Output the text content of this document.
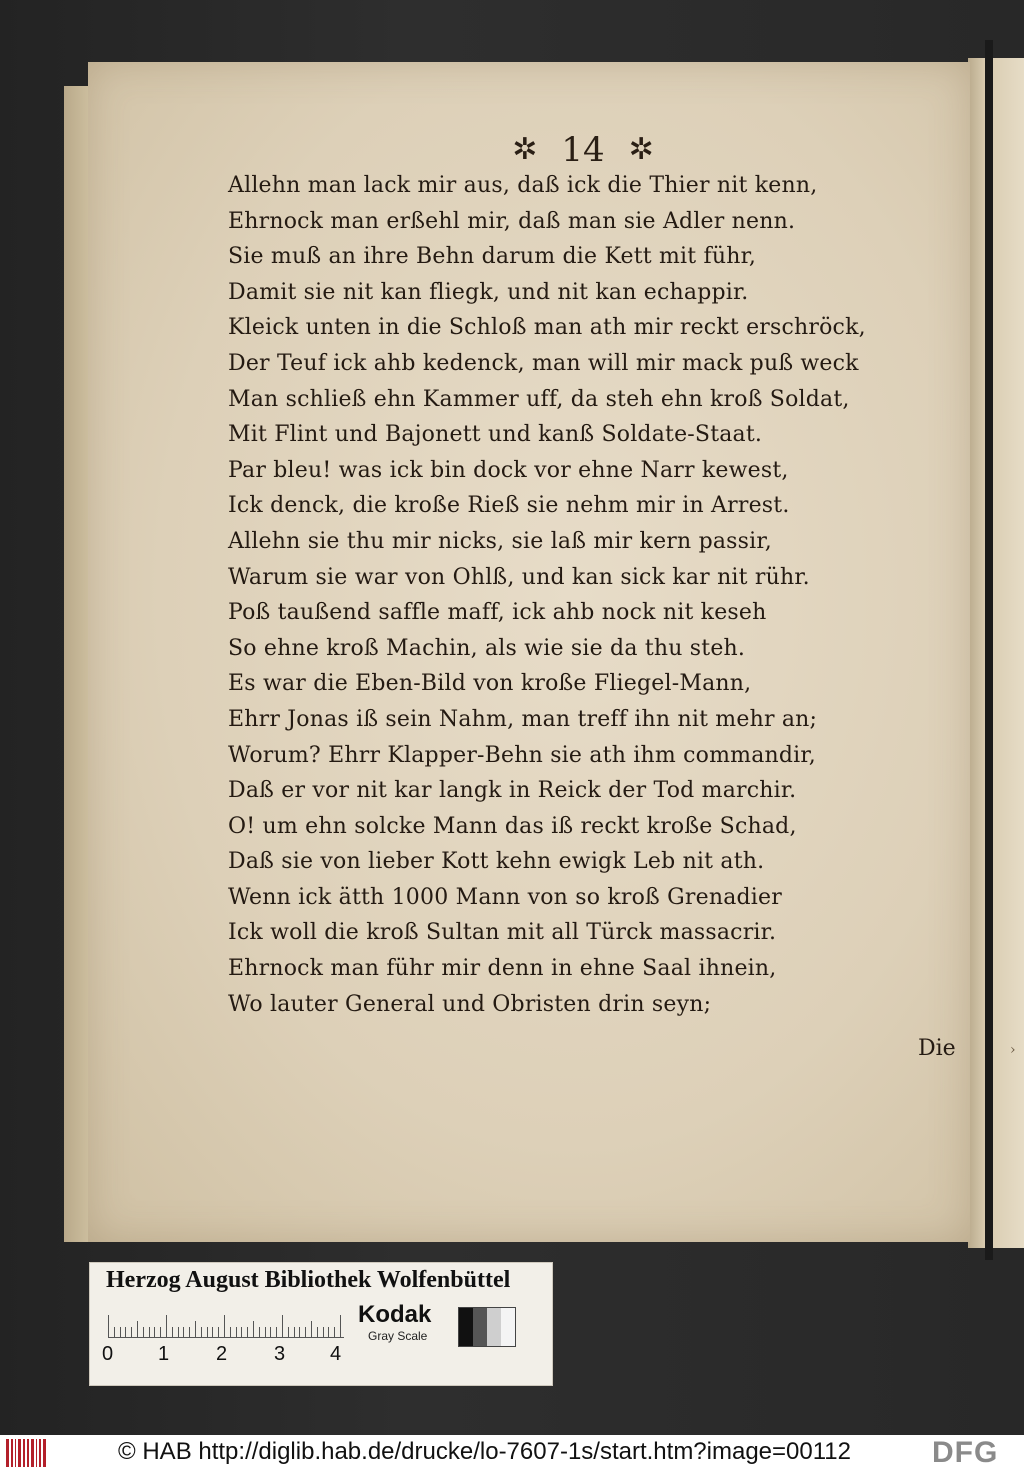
›
✲ 14 ✲
Allehn man lack mir aus, daß ick die Thier nit kenn,
Ehrnock man erßehl mir, daß man sie Adler nenn.
Sie muß an ihre Behn darum die Kett mit führ,
Damit sie nit kan fliegk, und nit kan echappir.
Kleick unten in die Schloß man ath mir reckt erschröck,
Der Teuf ick ahb kedenck, man will mir mack puß weck
Man schließ ehn Kammer uff, da steh ehn kroß Soldat,
Mit Flint und Bajonett und kanß Soldate-Staat.
Par bleu! was ick bin dock vor ehne Narr kewest,
Ick denck, die kroße Rieß sie nehm mir in Arrest.
Allehn sie thu mir nicks, sie laß mir kern passir,
Warum sie war von Ohlß, und kan sick kar nit rühr.
Poß taußend saffle maff, ick ahb nock nit keseh
So ehne kroß Machin, als wie sie da thu steh.
Es war die Eben-Bild von kroße Fliegel-Mann,
Ehrr Jonas iß sein Nahm, man treff ihn nit mehr an;
Worum? Ehrr Klapper-Behn sie ath ihm commandir,
Daß er vor nit kar langk in Reick der Tod marchir.
O! um ehn solcke Mann das iß reckt kroße Schad,
Daß sie von lieber Kott kehn ewigk Leb nit ath.
Wenn ick ätth 1000 Mann von so kroß Grenadier
Ick woll die kroß Sultan mit all Türck massacrir.
Ehrnock man führ mir denn in ehne Saal ihnein,
Wo lauter General und Obristen drin seyn;
Die
Herzog August Bibliothek Wolfenbüttel
0 1 2 3 4
Kodak
Gray Scale
© HAB http://diglib.hab.de/drucke/lo-7607-1s/start.htm?image=00112	DFG
